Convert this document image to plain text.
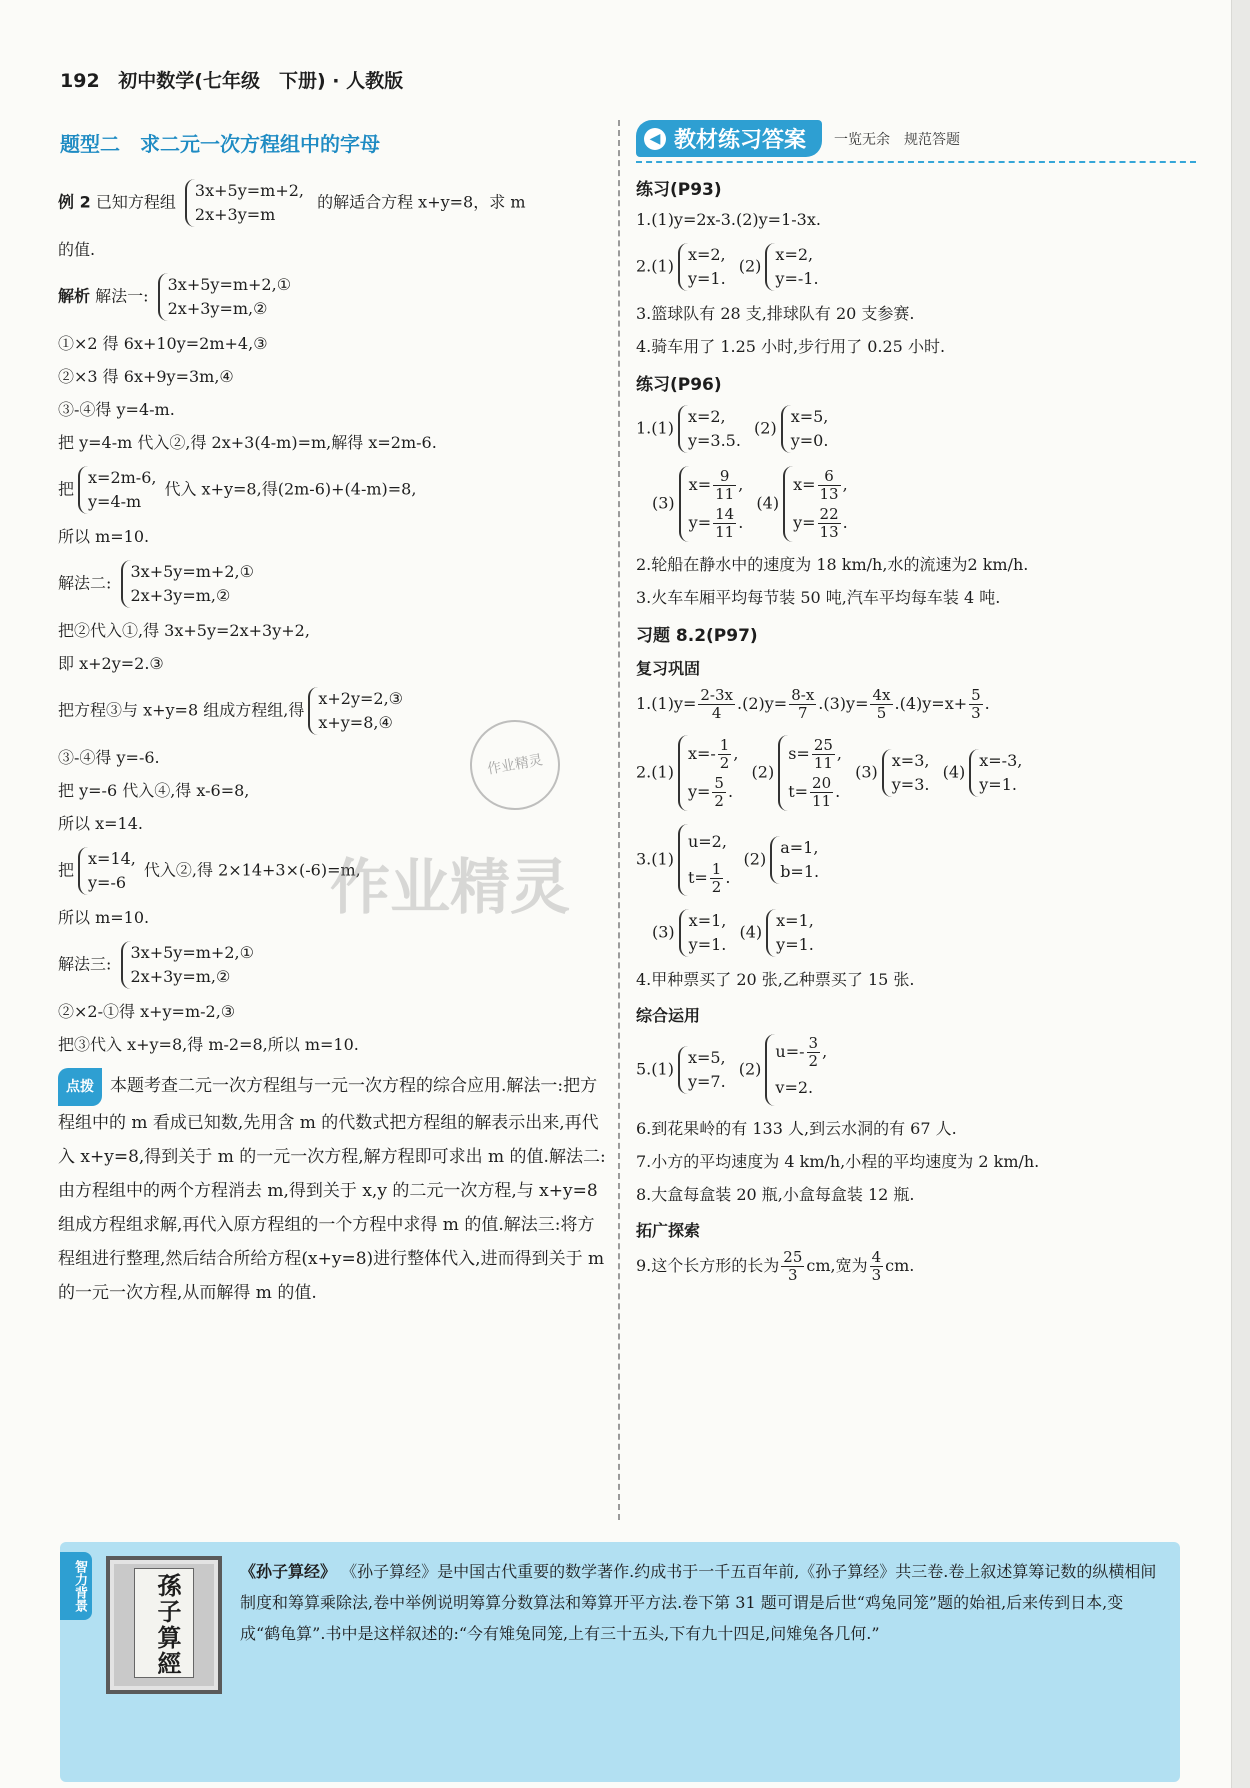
192 初中数学(七年级　下册) · 人教版
题型二　求二元一次方程组中的字母
例 2 已知方程组
3x+5y=m+2,
2x+3y=m
的解适合方程 x+y=8，求 m
的值.
解析 解法一:
3x+5y=m+2,①
2x+3y=m,②
①×2 得 6x+10y=2m+4,③
②×3 得 6x+9y=3m,④
③-④得 y=4-m.
把 y=4-m 代入②,得 2x+3(4-m)=m,解得 x=2m-6.
把
x=2m-6,
y=4-m
代入 x+y=8,得(2m-6)+(4-m)=8,
所以 m=10.
解法二:
3x+5y=m+2,①
2x+3y=m,②
把②代入①,得 3x+5y=2x+3y+2,
即 x+2y=2.③
把方程③与 x+y=8 组成方程组,得
x+2y=2,③
x+y=8,④
③-④得 y=-6.
把 y=-6 代入④,得 x-6=8,
所以 x=14.
把
x=14,
y=-6
代入②,得 2×14+3×(-6)=m,
所以 m=10.
解法三:
3x+5y=m+2,①
2x+3y=m,②
②×2-①得 x+y=m-2,③
把③代入 x+y=8,得 m-2=8,所以 m=10.
点拨 本题考查二元一次方程组与一元一次方程的综合应用.解法一:把方程组中的 m 看成已知数,先用含 m 的代数式把方程组的解表示出来,再代入 x+y=8,得到关于 m 的一元一次方程,解方程即可求出 m 的值.解法二:由方程组中的两个方程消去 m,得到关于 x,y 的二元一次方程,与 x+y=8 组成方程组求解,再代入原方程组的一个方程中求得 m 的值.解法三:将方程组进行整理,然后结合所给方程(x+y=8)进行整体代入,进而得到关于 m 的一元一次方程,从而解得 m 的值.
◀ 教材练习答案 一览无余　规范答题
练习(P93)
1.(1)y=2x-3.(2)y=1-3x.
2.(1)
x=2,
y=1.
(2)
x=2,
y=-1.
3.篮球队有 28 支,排球队有 20 支参赛.
4.骑车用了 1.25 小时,步行用了 0.25 小时.
练习(P96)
1.(1)
x=2,
y=3.5.
(2)
x=5,
y=0.
(3)
$x= \frac{9}{11}$ ,
$y= \frac{14}{11}$ .
(4)
$x= \frac{6}{13}$ ,
$y= \frac{22}{13}$ .
2.轮船在静水中的速度为 18 km/h,水的流速为2 km/h.
3.火车车厢平均每节装 50 吨,汽车平均每车装 4 吨.
习题 8.2(P97)
复习巩固
$1.(1)y= \frac{2-3x}{4} .(2)y= \frac{8-x}{7} .(3)y= \frac{4x}{5} .(4)y=x+ \frac{5}{3}$ .
2.(1)
$x=- \frac{1}{2}$ ,
$y= \frac{5}{2}$ .
(2)
$s= \frac{25}{11}$ ,
$t= \frac{20}{11}$ .
(3)
x=3,
y=3.
(4)
x=-3,
y=1.
3.(1)
u=2,
$t= \frac{1}{2}$ .
(2)
a=1,
b=1.
(3)
x=1,
y=1.
(4)
x=1,
y=1.
4.甲种票买了 20 张,乙种票买了 15 张.
综合运用
5.(1)
x=5,
y=7.
(2)
$u=- \frac{3}{2}$ ,
v=2.
6.到花果岭的有 133 人,到云水洞的有 67 人.
7.小方的平均速度为 4 km/h,小程的平均速度为 2 km/h.
8.大盒每盒装 20 瓶,小盒每盒装 12 瓶.
拓广探索
9.这个长方形的长为 $\frac{25}{3}$ cm,宽为 $\frac{4}{3}$ cm.
作业精灵
作业精灵
智力背景	孫子算經
《孙子算经》 《孙子算经》是中国古代重要的数学著作.约成书于一千五百年前,《孙子算经》共三卷.卷上叙述算筹记数的纵横相间制度和筹算乘除法,卷中举例说明筹算分数算法和筹算开平方法.卷下第 31 题可谓是后世“鸡兔同笼”题的始祖,后来传到日本,变成“鹤龟算”.书中是这样叙述的:“今有雉兔同笼,上有三十五头,下有九十四足,问雉兔各几何.”
